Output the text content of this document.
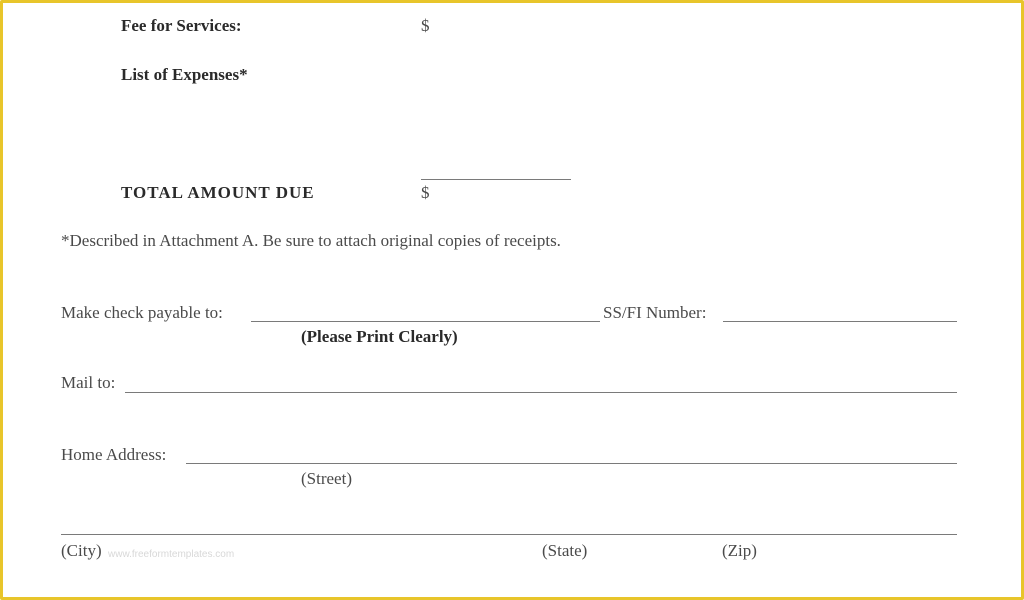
Fee for Services:	$
List of Expenses*
TOTAL AMOUNT DUE	$
*Described in Attachment A. Be sure to attach original copies of receipts.
Make check payable to:	SS/FI Number:
(Please Print Clearly)
Mail to:
Home Address:
(Street)
(City) www.freeformtemplates.com	(State)	(Zip)
